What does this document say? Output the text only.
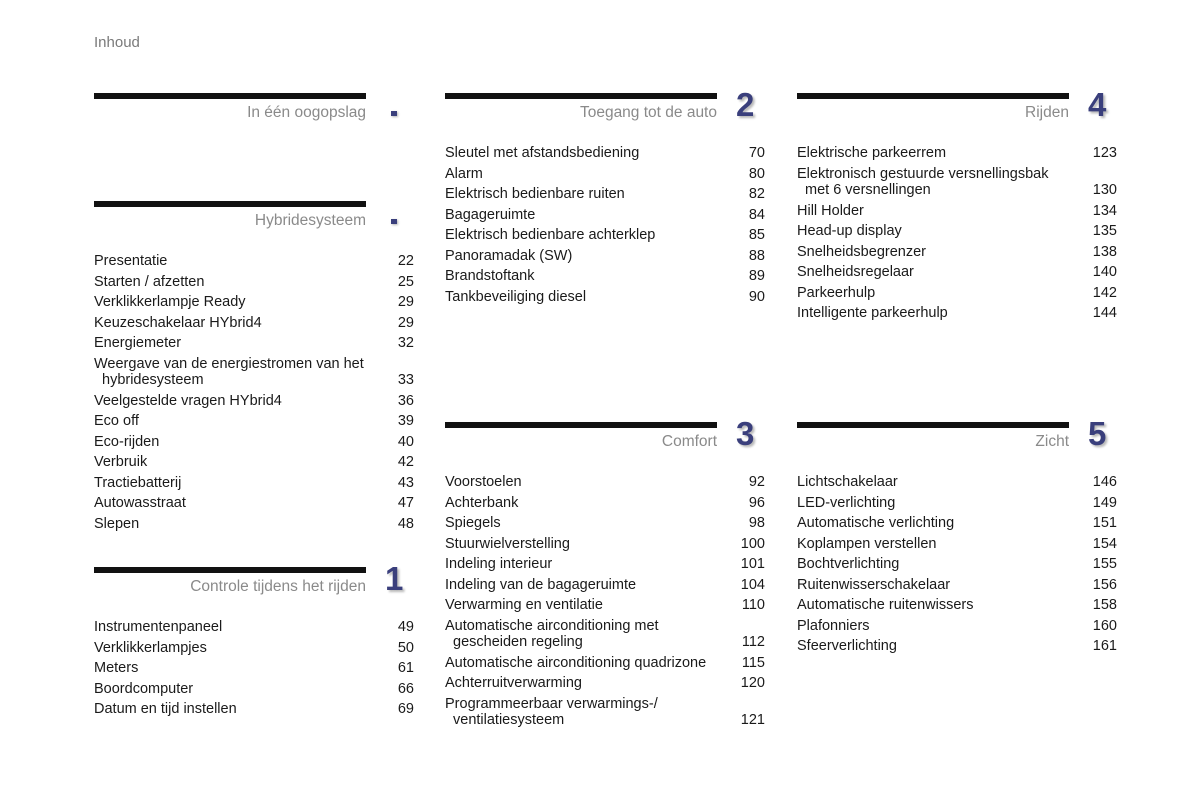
Inhoud
In één oogopslag
Hybridesysteem
Presentatie	22
Starten / afzetten	25
Verklikkerlampje Ready	29
Keuzeschakelaar HYbrid4	29
Energiemeter	32
Weergave van de energiestromen van het
hybridesysteem	33
Veelgestelde vragen HYbrid4	36
Eco off	39
Eco-rijden	40
Verbruik	42
Tractiebatterij	43
Autowasstraat	47
Slepen	48
Controle tijdens het rijden 1
Instrumentenpaneel	49
Verklikkerlampjes	50
Meters	61
Boordcomputer	66
Datum en tijd instellen	69
Toegang tot de auto 2
Sleutel met afstandsbediening	70
Alarm	80
Elektrisch bedienbare ruiten	82
Bagageruimte	84
Elektrisch bedienbare achterklep	85
Panoramadak (SW)	88
Brandstoftank	89
Tankbeveiliging diesel	90
Comfort 3
Voorstoelen	92
Achterbank	96
Spiegels	98
Stuurwielverstelling	100
Indeling interieur	101
Indeling van de bagageruimte	104
Verwarming en ventilatie	110
Automatische airconditioning met
gescheiden regeling	112
Automatische airconditioning quadrizone	115
Achterruitverwarming	120
Programmeerbaar verwarmings-/
ventilatiesysteem	121
Rijden 4
Elektrische parkeerrem	123
Elektronisch gestuurde versnellingsbak
met 6 versnellingen	130
Hill Holder	134
Head-up display	135
Snelheidsbegrenzer	138
Snelheidsregelaar	140
Parkeerhulp	142
Intelligente parkeerhulp	144
Zicht 5
Lichtschakelaar	146
LED-verlichting	149
Automatische verlichting	151
Koplampen verstellen	154
Bochtverlichting	155
Ruitenwisserschakelaar	156
Automatische ruitenwissers	158
Plafonniers	160
Sfeerverlichting	161
